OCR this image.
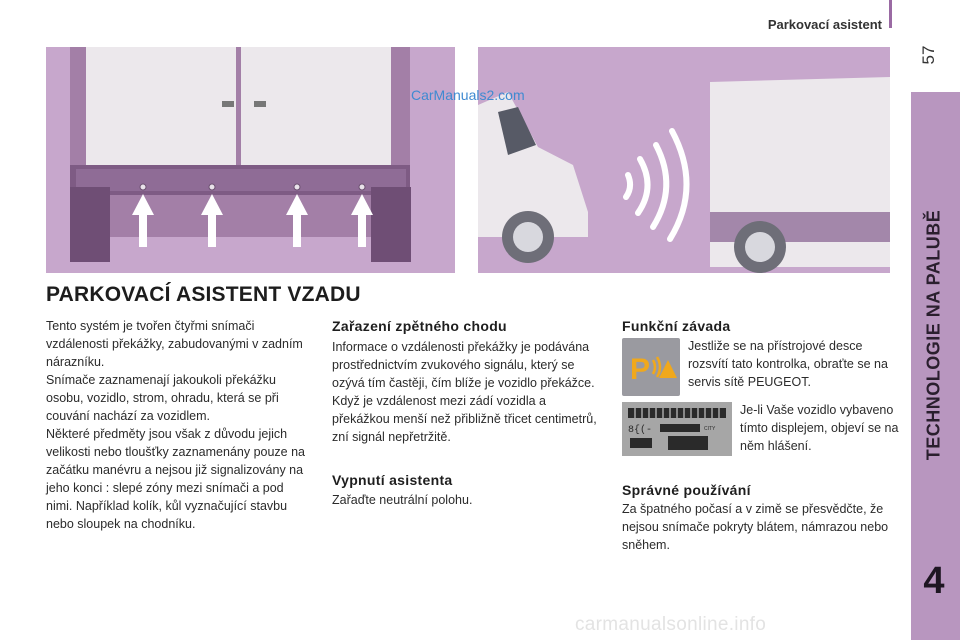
Parkovací asistent
57
TECHNOLOGIE NA PALUBĚ
4
CarManuals2.com
PARKOVACÍ ASISTENT VZADU

Tento systém je tvořen čtyřmi snímači vzdálenosti překážky, zabudovanými v zadním nárazníku.

Snímače zaznamenají jakoukoli překážku osobu, vozidlo, strom, ohradu, která se při couvání nachází za vozidlem.

Některé předměty jsou však z důvodu jejich velikosti nebo tloušťky zaznamenány pouze na začátku manévru a nejsou již signalizovány na jeho konci : slepé zóny mezi snímači a pod nimi. Například kolík, kůl vyznačující stavbu nebo sloupek na chodníku.

Zařazení zpětného chodu

Informace o vzdálenosti překážky je podávána prostřednictvím zvukového signálu, který se ozývá tím častěji, čím blíže je vozidlo překážce.

Když je vzdálenost mezi zádí vozidla a překážkou menší než přibližně třicet centimetrů, zní signál nepřetržitě.

Vypnutí asistenta

Zařaďte neutrální polohu.

Funkční závada
P

Jestliže se na přístrojové desce rozsvítí tato kontrolka, obraťte se na servis sítě PEUGEOT.

8{(-	CITY

Je-li Vaše vozidlo vybaveno tímto displejem, objeví se na něm hlášení.

Správné používání

Za špatného počasí a v zimě se přesvědčte, že nejsou snímače pokryty blátem, námrazou nebo sněhem.

carmanualsonline.info
